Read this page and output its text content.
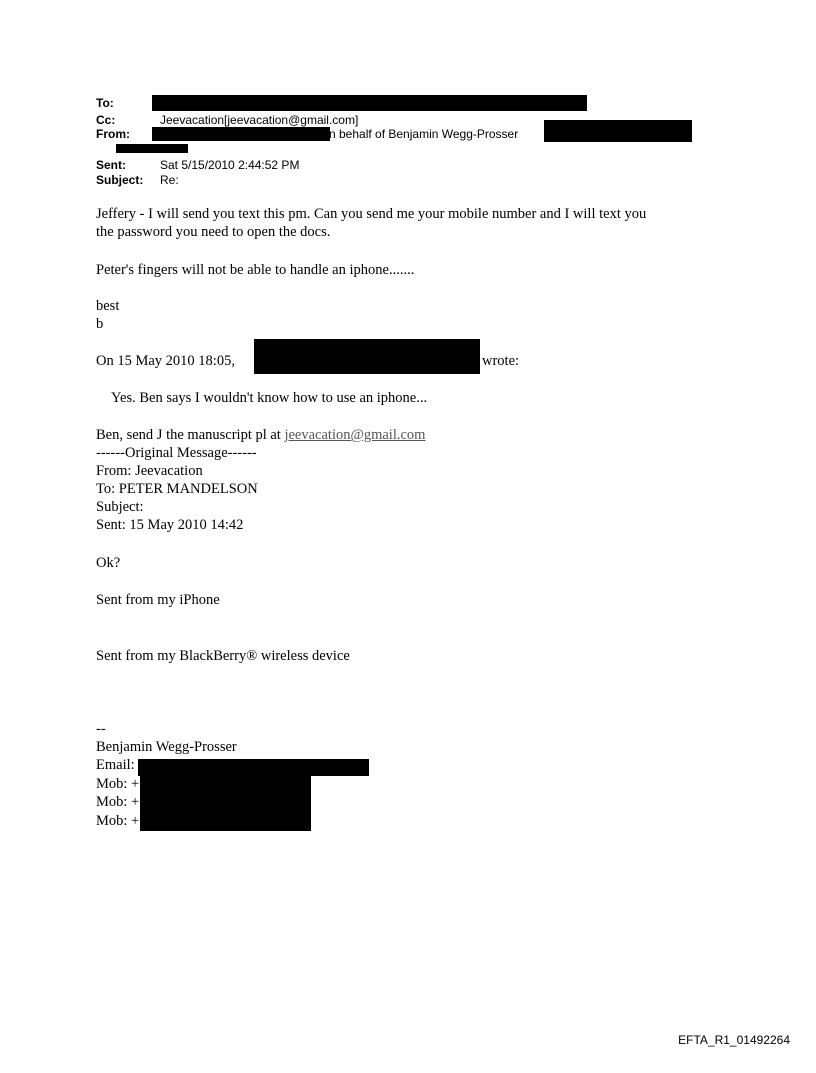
To:
Cc:	Jeevacation[jeevacation@gmail.com]
From:	n behalf of Benjamin Wegg-Prosser
Sent:	Sat 5/15/2010 2:44:52 PM
Subject: Re:
Jeffery - I will send you text this pm. Can you send me your mobile number and I will text you
the password you need to open the docs.
Peter's fingers will not be able to handle an iphone.......
best
b
On 15 May 2010 18:05,	wrote:
Yes. Ben says I wouldn't know how to use an iphone...
Ben, send J the manuscript pl at jeevacation@gmail.com
------Original Message------
From: Jeevacation
To: PETER MANDELSON
Subject:
Sent: 15 May 2010 14:42
Ok?
Sent from my iPhone
Sent from my BlackBerry® wireless device
--
Benjamin Wegg-Prosser
Email:
Mob: +
Mob: +
Mob: +
EFTA_R1_01492264
